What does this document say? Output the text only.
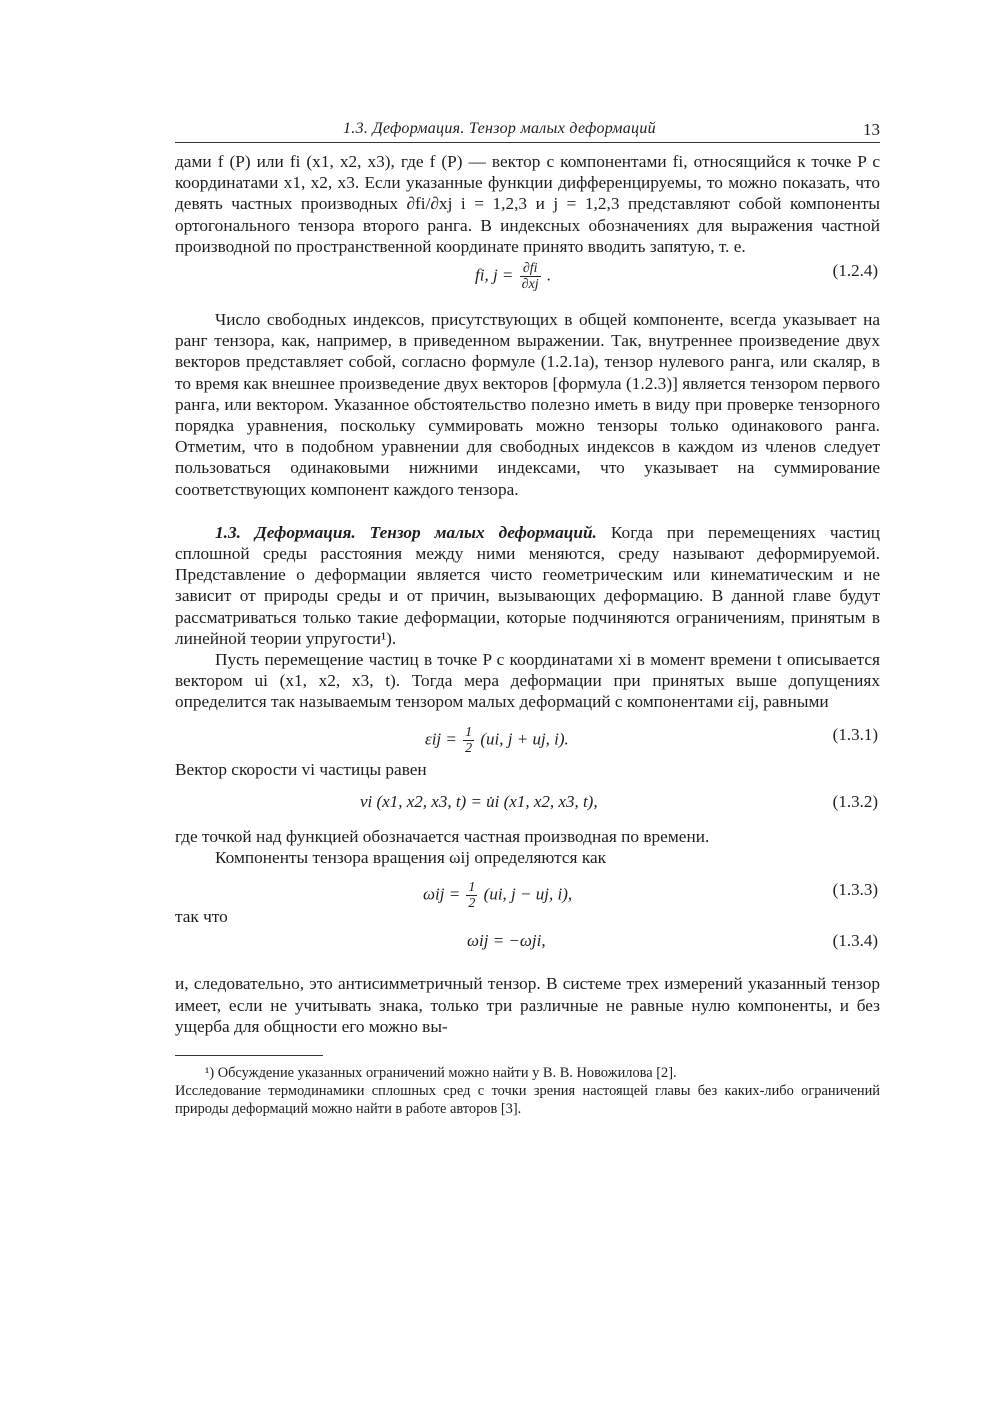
1.3. Деформация. Тензор малых деформаций	13

дами f (P) или fi (x1, x2, x3), где f (P) — вектор с компонентами fi, относящийся к точке P с координатами x1, x2, x3. Если указанные функции дифференцируемы, то можно показать, что девять частных производных ∂fi/∂xj i = 1,2,3 и j = 1,2,3 представляют собой компоненты ортогонального тензора второго ранга. В индексных обозначениях для выражения частной производной по пространственной координате принято вводить запятую, т. е.

fi, $j = \frac{\partial fi}{\partial xj}$ .	(1.2.4)

Число свободных индексов, присутствующих в общей компоненте, всегда указывает на ранг тензора, как, например, в приведенном выражении. Так, внутреннее произведение двух векторов представляет собой, согласно формуле (1.2.1а), тензор нулевого ранга, или скаляр, в то время как внешнее произведение двух векторов [формула (1.2.3)] является тензором первого ранга, или вектором. Указанное обстоятельство полезно иметь в виду при проверке тензорного порядка уравнения, поскольку суммировать можно тензоры только одинакового ранга. Отметим, что в подобном уравнении для свободных индексов в каждом из членов следует пользоваться одинаковыми нижними индексами, что указывает на суммирование соответствующих компонент каждого тензора.

1.3. Деформация. Тензор малых деформаций. Когда при перемещениях частиц сплошной среды расстояния между ними меняются, среду называют деформируемой. Представление о деформации является чисто геометрическим или кинематическим и не зависит от природы среды и от причин, вызывающих деформацию. В данной главе будут рассматриваться только такие деформации, которые подчиняются ограничениям, принятым в линейной теории упругости¹).

Пусть перемещение частиц в точке P с координатами xi в момент времени t описывается вектором ui (x1, x2, x3, t). Тогда мера деформации при принятых выше допущениях определится так называемым тензором малых деформаций с компонентами εij, равными

$\varepsilon ij = \frac{1}{2} (ui$, j + uj, i).	(1.3.1)

Вектор скорости vi частицы равен

vi (x1, x2, x3, t) = u̇i (x1, x2, x3, t),	(1.3.2)

где точкой над функцией обозначается частная производная по времени.

Компоненты тензора вращения ωij определяются как

$\omega ij = \frac{1}{2} (ui$, j − uj, i),	(1.3.3)

так что

ωij = −ωji,	(1.3.4)

и, следовательно, это антисимметричный тензор. В системе трех измерений указанный тензор имеет, если не учитывать знака, только три различные не равные нулю компоненты, и без ущерба для общности его можно вы-

¹) Обсуждение указанных ограничений можно найти у В. В. Новожилова [2].

Исследование термодинамики сплошных сред с точки зрения настоящей главы без каких-либо ограничений природы деформаций можно найти в работе авторов [3].
